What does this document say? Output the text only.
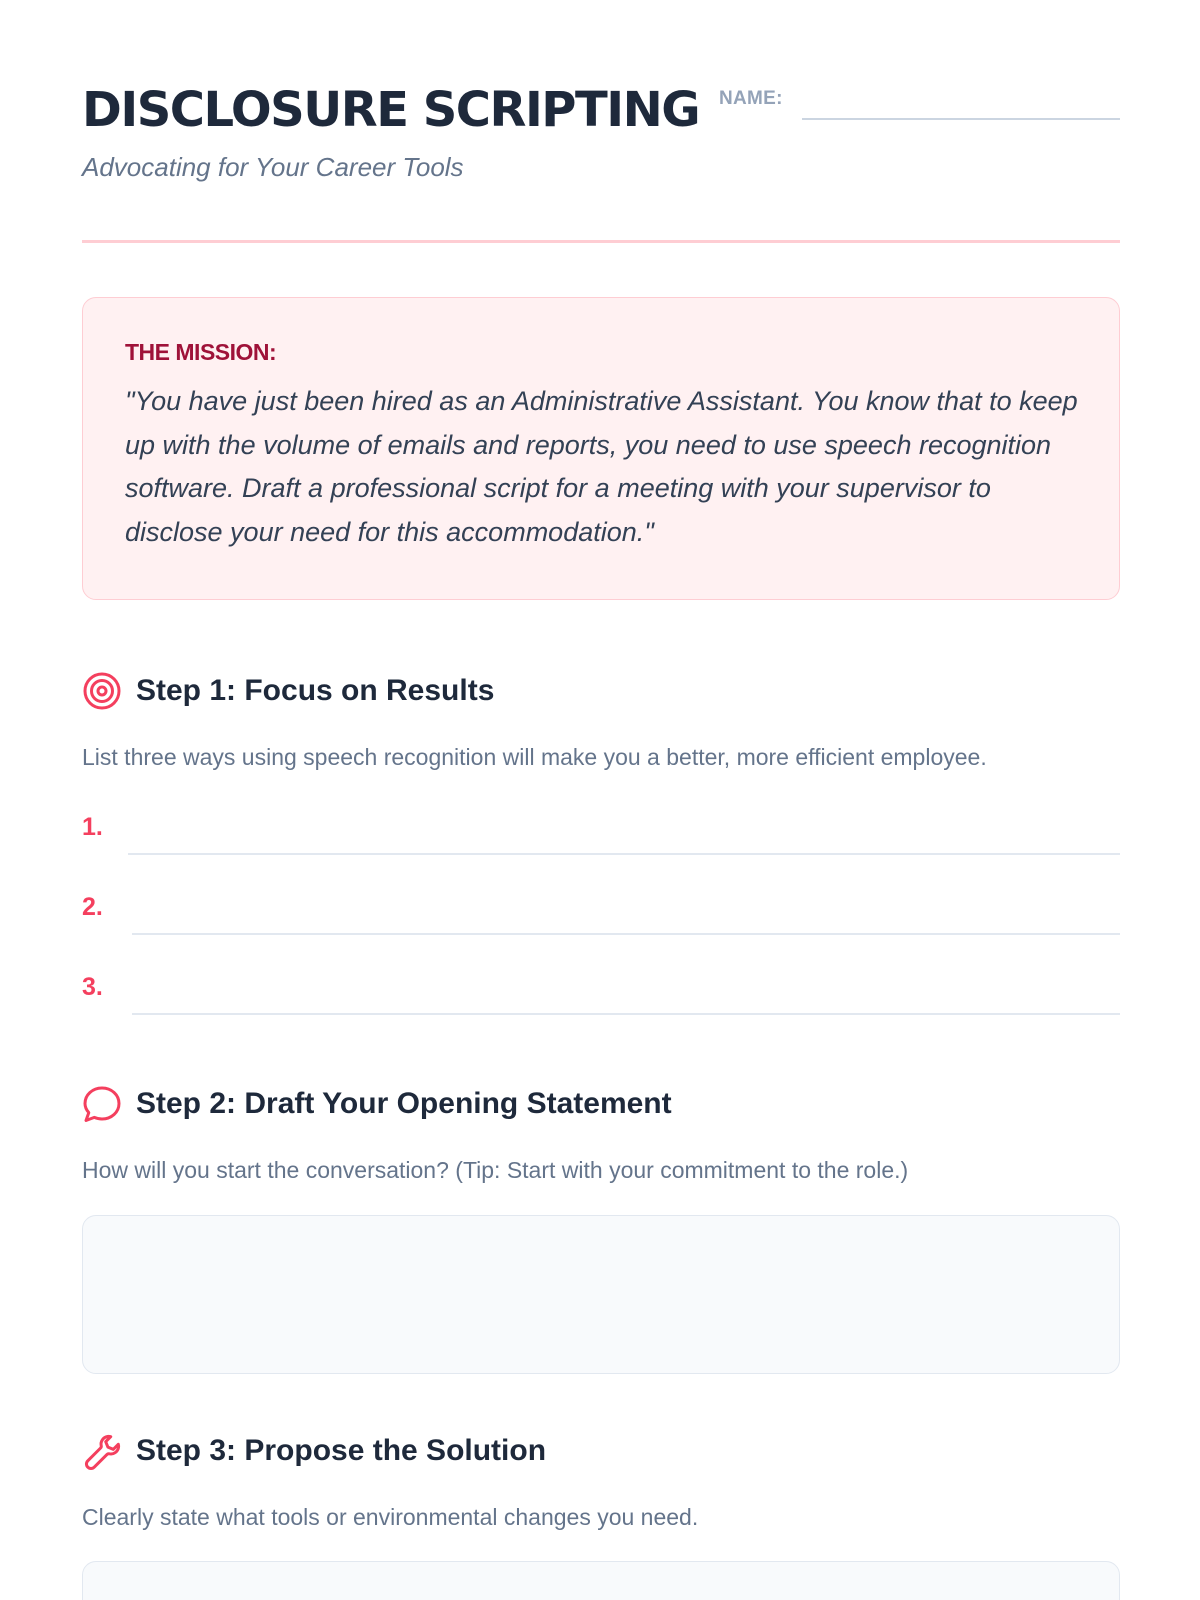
DISCLOSURE SCRIPTING
Advocating for Your Career Tools
NAME:
THE MISSION:
"You have just been hired as an Administrative Assistant. You know that to keep up with the volume of emails and reports, you need to use speech recognition software. Draft a professional script for a meeting with your supervisor to disclose your need for this accommodation."
Step 1: Focus on Results
List three ways using speech recognition will make you a better, more efficient employee.
1.
2.
3.
Step 2: Draft Your Opening Statement
How will you start the conversation? (Tip: Start with your commitment to the role.)
Step 3: Propose the Solution
Clearly state what tools or environmental changes you need.
